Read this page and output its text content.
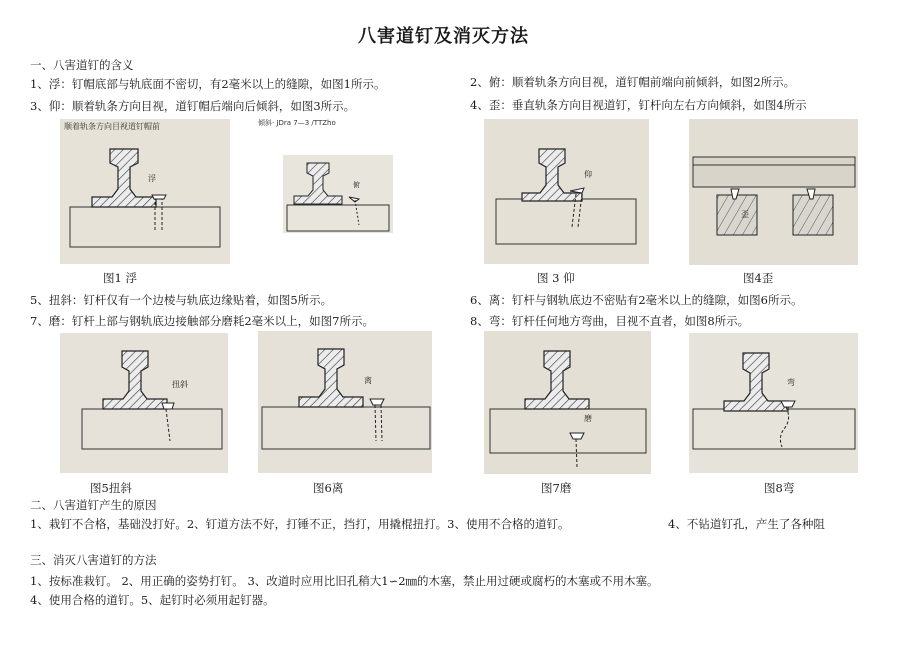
八害道钉及消灭方法
一、八害道钉的含义
1、浮：钉帽底部与轨底面不密切，有2毫米以上的缝隙，如图1所示。	2、俯：顺着轨条方向目视，道钉帽前端向前倾斜，如图2所示。
3、仰：顺着轨条方向目视，道钉帽后端向后倾斜，如图3所示。	4、歪：垂直轨条方向目视道钉，钉杆向左右方向倾斜，如图4所示
顺着轨条方向目视道钉帽前
浮
图1 浮
倾斜· JDra 7—3 /TTZho
俯
仰
图 3 仰
歪
图4歪
5、扭斜：钉杆仅有一个边棱与轨底边缘贴着，如图5所示。	6、离：钉杆与钢轨底边不密贴有2毫米以上的缝隙，如图6所示。
7、磨：钉杆上部与钢轨底边接触部分磨耗2毫米以上，如图7所示。	8、弯：钉杆任何地方弯曲，目视不直者，如图8所示。
扭斜
图5扭斜
离
图6离
磨
图7磨
弯
图8弯
二、八害道钉产生的原因
1、栽钉不合格，基础没打好。2、钉道方法不好，打锤不正，挡打，用撬棍扭打。3、使用不合格的道钉。	4、不钻道钉孔，产生了各种阻
三、消灭八害道钉的方法
1、按标准栽钉。 2、用正确的姿势打钉。 3、改道时应用比旧孔稍大1∽2㎜的木塞，禁止用过硬或腐朽的木塞或不用木塞。
4、使用合格的道钉。5、起钉时必须用起钉器。
